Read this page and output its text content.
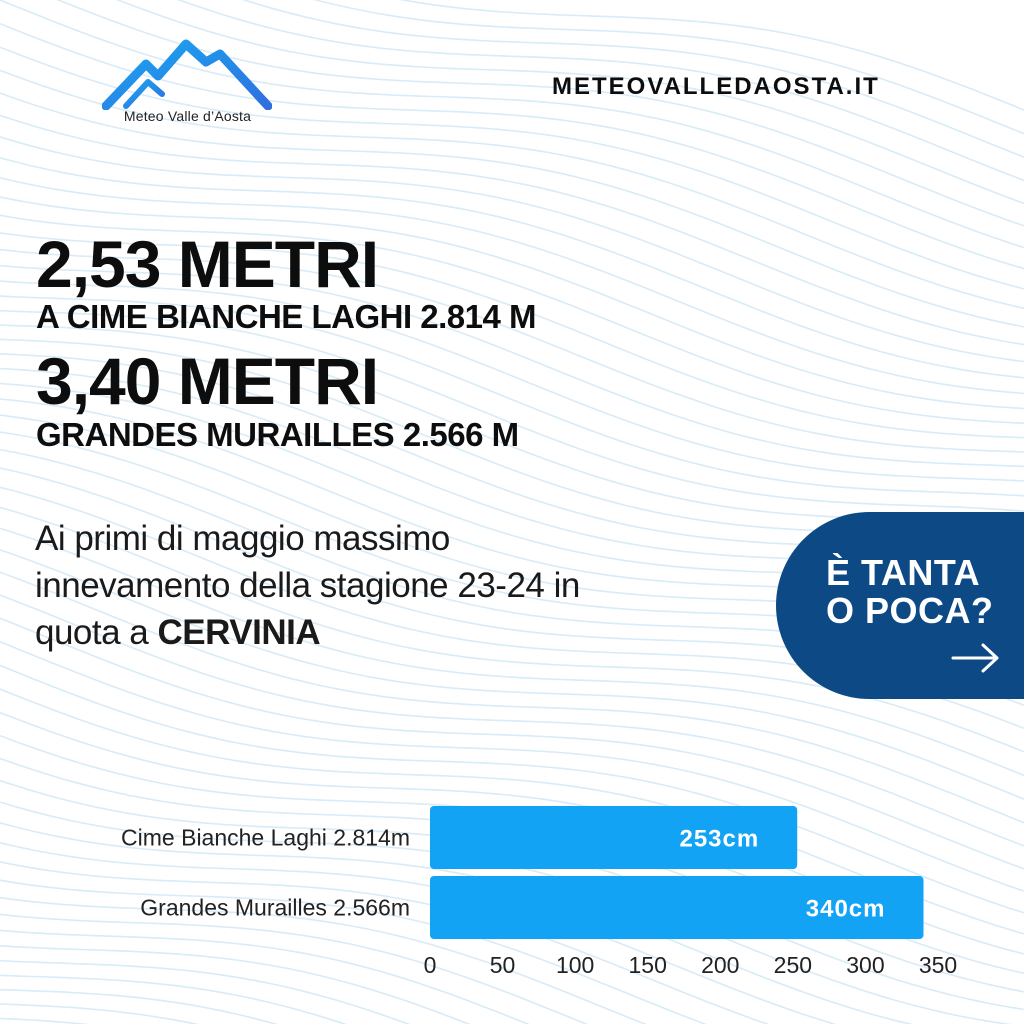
Meteo Valle d’Aosta
METEOVALLEDAOSTA.IT
2,53 METRI
A CIME BIANCHE LAGHI 2.814 M
3,40 METRI
GRANDES MURAILLES 2.566 M
Ai primi di maggio massimo innevamento della stagione 23-24 in quota a CERVINIA
È TANTA
O POCA?
Cime Bianche Laghi 2.814m	253cm
Grandes Murailles 2.566m	340cm
0 50 100 150 200 250 300 350
